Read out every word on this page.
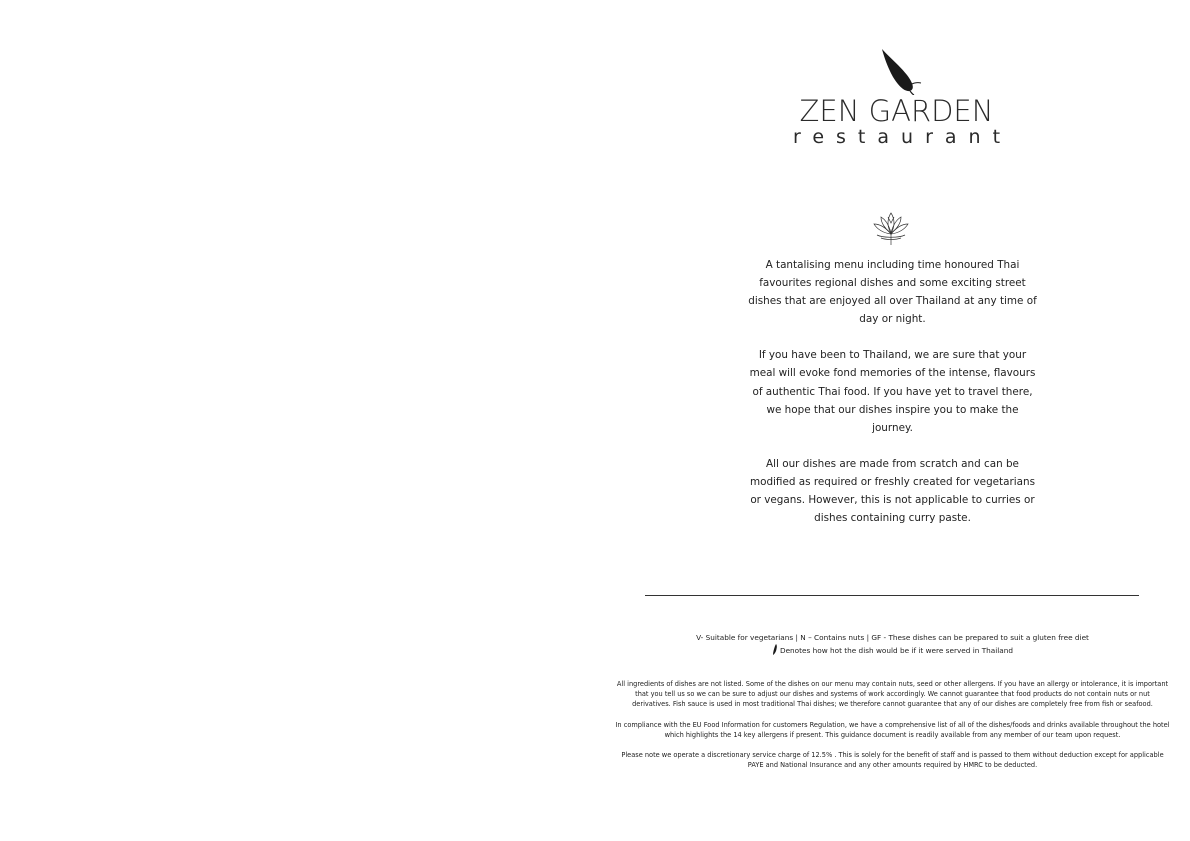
ZEN GARDEN
restaurant

A tantalising menu including time honoured Thai favourites regional dishes and some exciting street dishes that are enjoyed all over Thailand at any time of day or night.

If you have been to Thailand, we are sure that your meal will evoke fond memories of the intense, flavours of authentic Thai food. If you have yet to travel there, we hope that our dishes inspire you to make the journey.

All our dishes are made from scratch and can be modified as required or freshly created for vegetarians or vegans. However, this is not applicable to curries or dishes containing curry paste.

V- Suitable for vegetarians | N – Contains nuts | GF - These dishes can be prepared to suit a gluten free diet
Denotes how hot the dish would be if it were served in Thailand

All ingredients of dishes are not listed. Some of the dishes on our menu may contain nuts, seed or other allergens. If you have an allergy or intolerance, it is important that you tell us so we can be sure to adjust our dishes and systems of work accordingly. We cannot guarantee that food products do not contain nuts or nut derivatives. Fish sauce is used in most traditional Thai dishes; we therefore cannot guarantee that any of our dishes are completely free from fish or seafood.

In compliance with the EU Food Information for customers Regulation, we have a comprehensive list of all of the dishes/foods and drinks available throughout the hotel which highlights the 14 key allergens if present. This guidance document is readily available from any member of our team upon request.

Please note we operate a discretionary service charge of 12.5% . This is solely for the benefit of staff and is passed to them without deduction except for applicable PAYE and National Insurance and any other amounts required by HMRC to be deducted.
